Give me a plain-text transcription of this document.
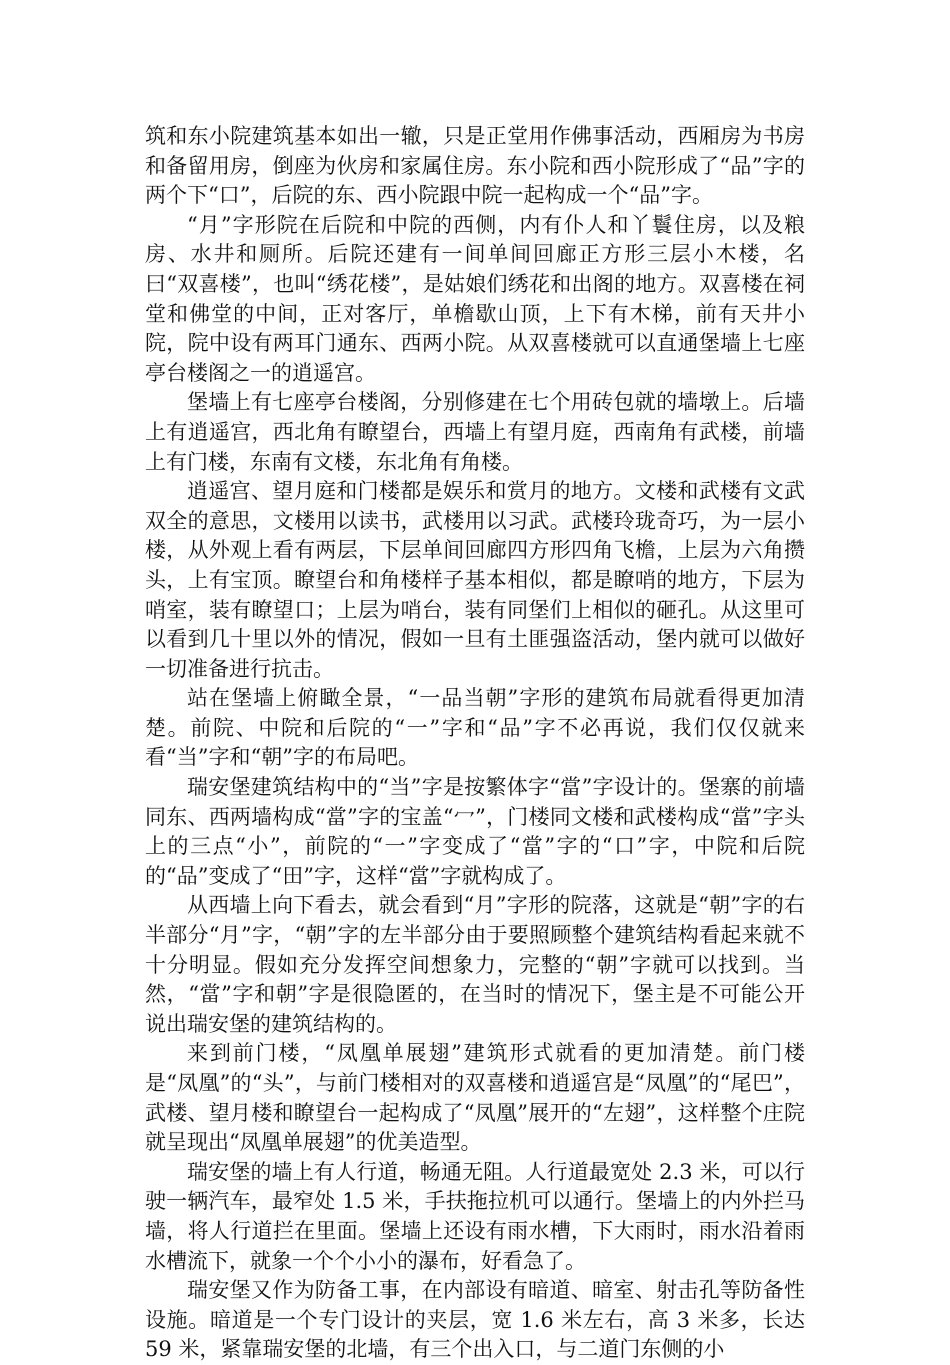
筑和东小院建筑基本如出一辙，只是正堂用作佛事活动，西厢房为书房和备留用房，倒座为伙房和家属住房。东小院和西小院形成了“品”字的两个下“口”，后院的东、西小院跟中院一起构成一个“品”字。

“月”字形院在后院和中院的西侧，内有仆人和丫鬟住房，以及粮房、水井和厕所。后院还建有一间单间回廊正方形三层小木楼，名曰“双喜楼”，也叫“绣花楼”，是姑娘们绣花和出阁的地方。双喜楼在祠堂和佛堂的中间，正对客厅，单檐歇山顶，上下有木梯，前有天井小院，院中设有两耳门通东、西两小院。从双喜楼就可以直通堡墙上七座亭台楼阁之一的逍遥宫。

堡墙上有七座亭台楼阁，分别修建在七个用砖包就的墙墩上。后墙上有逍遥宫，西北角有瞭望台，西墙上有望月庭，西南角有武楼，前墙上有门楼，东南有文楼，东北角有角楼。

逍遥宫、望月庭和门楼都是娱乐和赏月的地方。文楼和武楼有文武双全的意思，文楼用以读书，武楼用以习武。武楼玲珑奇巧，为一层小楼，从外观上看有两层，下层单间回廊四方形四角飞檐，上层为六角攒头，上有宝顶。瞭望台和角楼样子基本相似，都是瞭哨的地方，下层为哨室，装有瞭望口；上层为哨台，装有同堡们上相似的砸孔。从这里可以看到几十里以外的情况，假如一旦有土匪强盗活动，堡内就可以做好一切准备进行抗击。

站在堡墙上俯瞰全景，“一品当朝”字形的建筑布局就看得更加清楚。前院、中院和后院的“一”字和“品”字不必再说，我们仅仅就来看“当”字和“朝”字的布局吧。

瑞安堡建筑结构中的“当”字是按繁体字“當”字设计的。堡寨的前墙同东、西两墙构成“當”字的宝盖“冖”，门楼同文楼和武楼构成“當”字头上的三点“小”，前院的“一”字变成了“當”字的“口”字，中院和后院的“品”变成了“田”字，这样“當”字就构成了。

从西墙上向下看去，就会看到“月”字形的院落，这就是“朝”字的右半部分“月”字，“朝”字的左半部分由于要照顾整个建筑结构看起来就不十分明显。假如充分发挥空间想象力，完整的“朝”字就可以找到。当然，“當”字和朝”字是很隐匿的，在当时的情况下，堡主是不可能公开说出瑞安堡的建筑结构的。

来到前门楼，“凤凰单展翅”建筑形式就看的更加清楚。前门楼是“凤凰”的“头”，与前门楼相对的双喜楼和逍遥宫是“凤凰”的“尾巴”，武楼、望月楼和瞭望台一起构成了“凤凰”展开的“左翅”，这样整个庄院就呈现出“凤凰单展翅”的优美造型。

瑞安堡的墙上有人行道，畅通无阻。人行道最宽处 2.3 米，可以行驶一辆汽车，最窄处 1.5 米，手扶拖拉机可以通行。堡墙上的内外拦马墙，将人行道拦在里面。堡墙上还设有雨水槽，下大雨时，雨水沿着雨水槽流下，就象一个个小小的瀑布，好看急了。

瑞安堡又作为防备工事，在内部设有暗道、暗室、射击孔等防备性设施。暗道是一个专门设计的夹层，宽 1.6 米左右，高 3 米多，长达 59 米，紧靠瑞安堡的北墙，有三个出入口，与二道门东侧的小
